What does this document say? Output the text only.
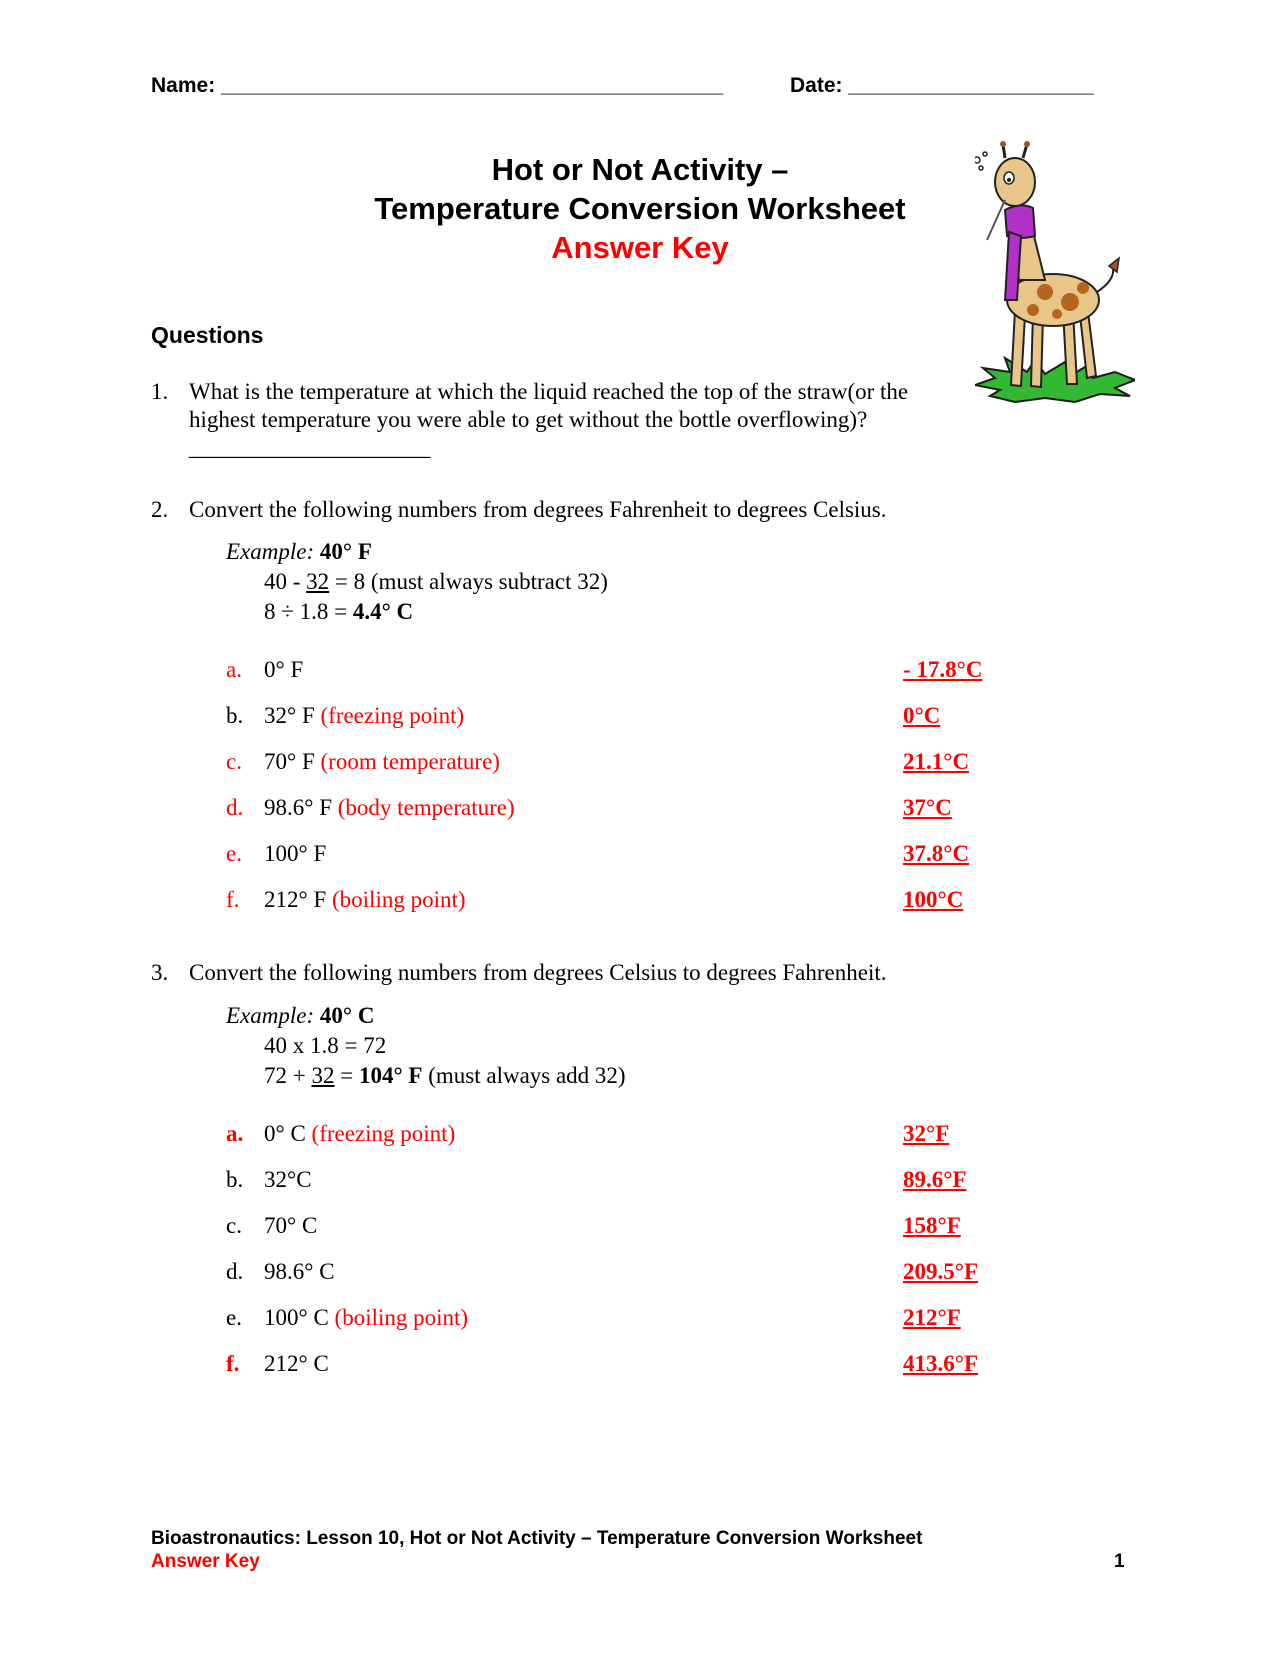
Name: ___________________________________________	Date: _____________________
Hot or Not Activity –
Temperature Conversion Worksheet
Answer Key
Questions
1. What is the temperature at which the liquid reached the top of the straw(or the
highest temperature you were able to get without the bottle overflowing)?
_____________________
2. Convert the following numbers from degrees Fahrenheit to degrees Celsius.
Example: 40° F
40 - 32 = 8 (must always subtract 32)
8 ÷ 1.8 = 4.4° C
a. 0° F	- 17.8°C
b. 32° F (freezing point)	0°C
c. 70° F (room temperature)	21.1°C
d. 98.6° F (body temperature)	37°C
e. 100° F	37.8°C
f. 212° F (boiling point)	100°C
3. Convert the following numbers from degrees Celsius to degrees Fahrenheit.
Example: 40° C
40 x 1.8 = 72
72 + 32 = 104° F (must always add 32)
a. 0° C (freezing point)	32°F
b. 32°C	89.6°F
c. 70° C	158°F
d. 98.6° C	209.5°F
e. 100° C (boiling point)	212°F
f. 212° C	413.6°F
Bioastronautics: Lesson 10, Hot or Not Activity – Temperature Conversion Worksheet
Answer Key	1
